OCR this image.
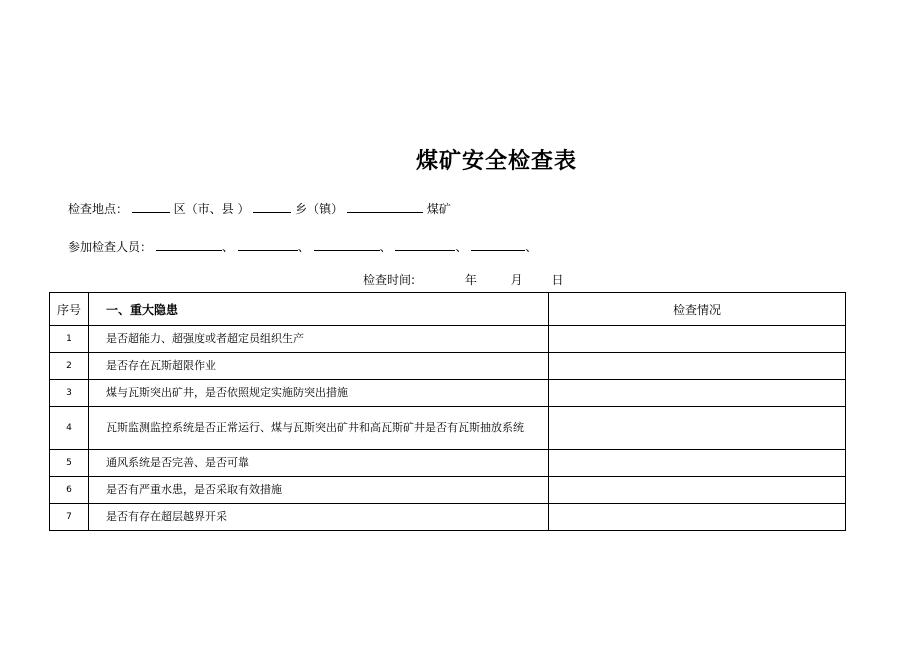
煤矿安全检查表
检查地点：	区（市、县 ）	乡（镇）	煤矿
参加检查人员：	、	、	、	、	、
检查时间:	年	月 日
序号	一、重大隐患	检查情况
1	是否超能力、超强度或者超定员组织生产	
2	是否存在瓦斯超限作业	
3	煤与瓦斯突出矿井，是否依照规定实施防突出措施	
4	瓦斯监测监控系统是否正常运行、煤与瓦斯突出矿井和高瓦斯矿井是否有瓦斯抽放系统	
5	通风系统是否完善、是否可靠	
6	是否有严重水患，是否采取有效措施	
7	是否有存在超层越界开采	
